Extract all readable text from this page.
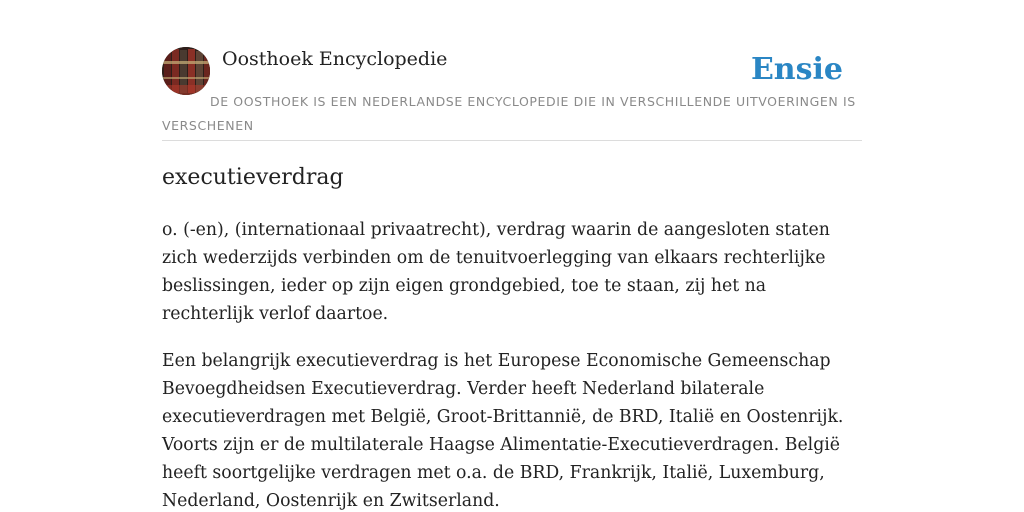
Oosthoek Encyclopedie	Ensie
DE OOSTHOEK IS EEN NEDERLANDSE ENCYCLOPEDIE DIE IN VERSCHILLENDE UITVOERINGEN IS VERSCHENEN
executieverdrag

o. (-en), (internationaal privaatrecht), verdrag waarin de aangesloten staten zich wederzijds verbinden om de tenuitvoerlegging van elkaars rechterlijke beslissingen, ieder op zijn eigen grondgebied, toe te staan, zij het na rechterlijk verlof daartoe.

Een belangrijk executieverdrag is het Europese Economische Gemeenschap Bevoegdheidsen Executieverdrag. Verder heeft Nederland bilaterale executieverdragen met België, Groot-Brittannië, de BRD, Italië en Oostenrijk. Voorts zijn er de multilaterale Haagse Alimentatie-Executieverdragen. België heeft soortgelijke verdragen met o.a. de BRD, Frankrijk, Italië, Luxemburg, Nederland, Oostenrijk en Zwitserland.
